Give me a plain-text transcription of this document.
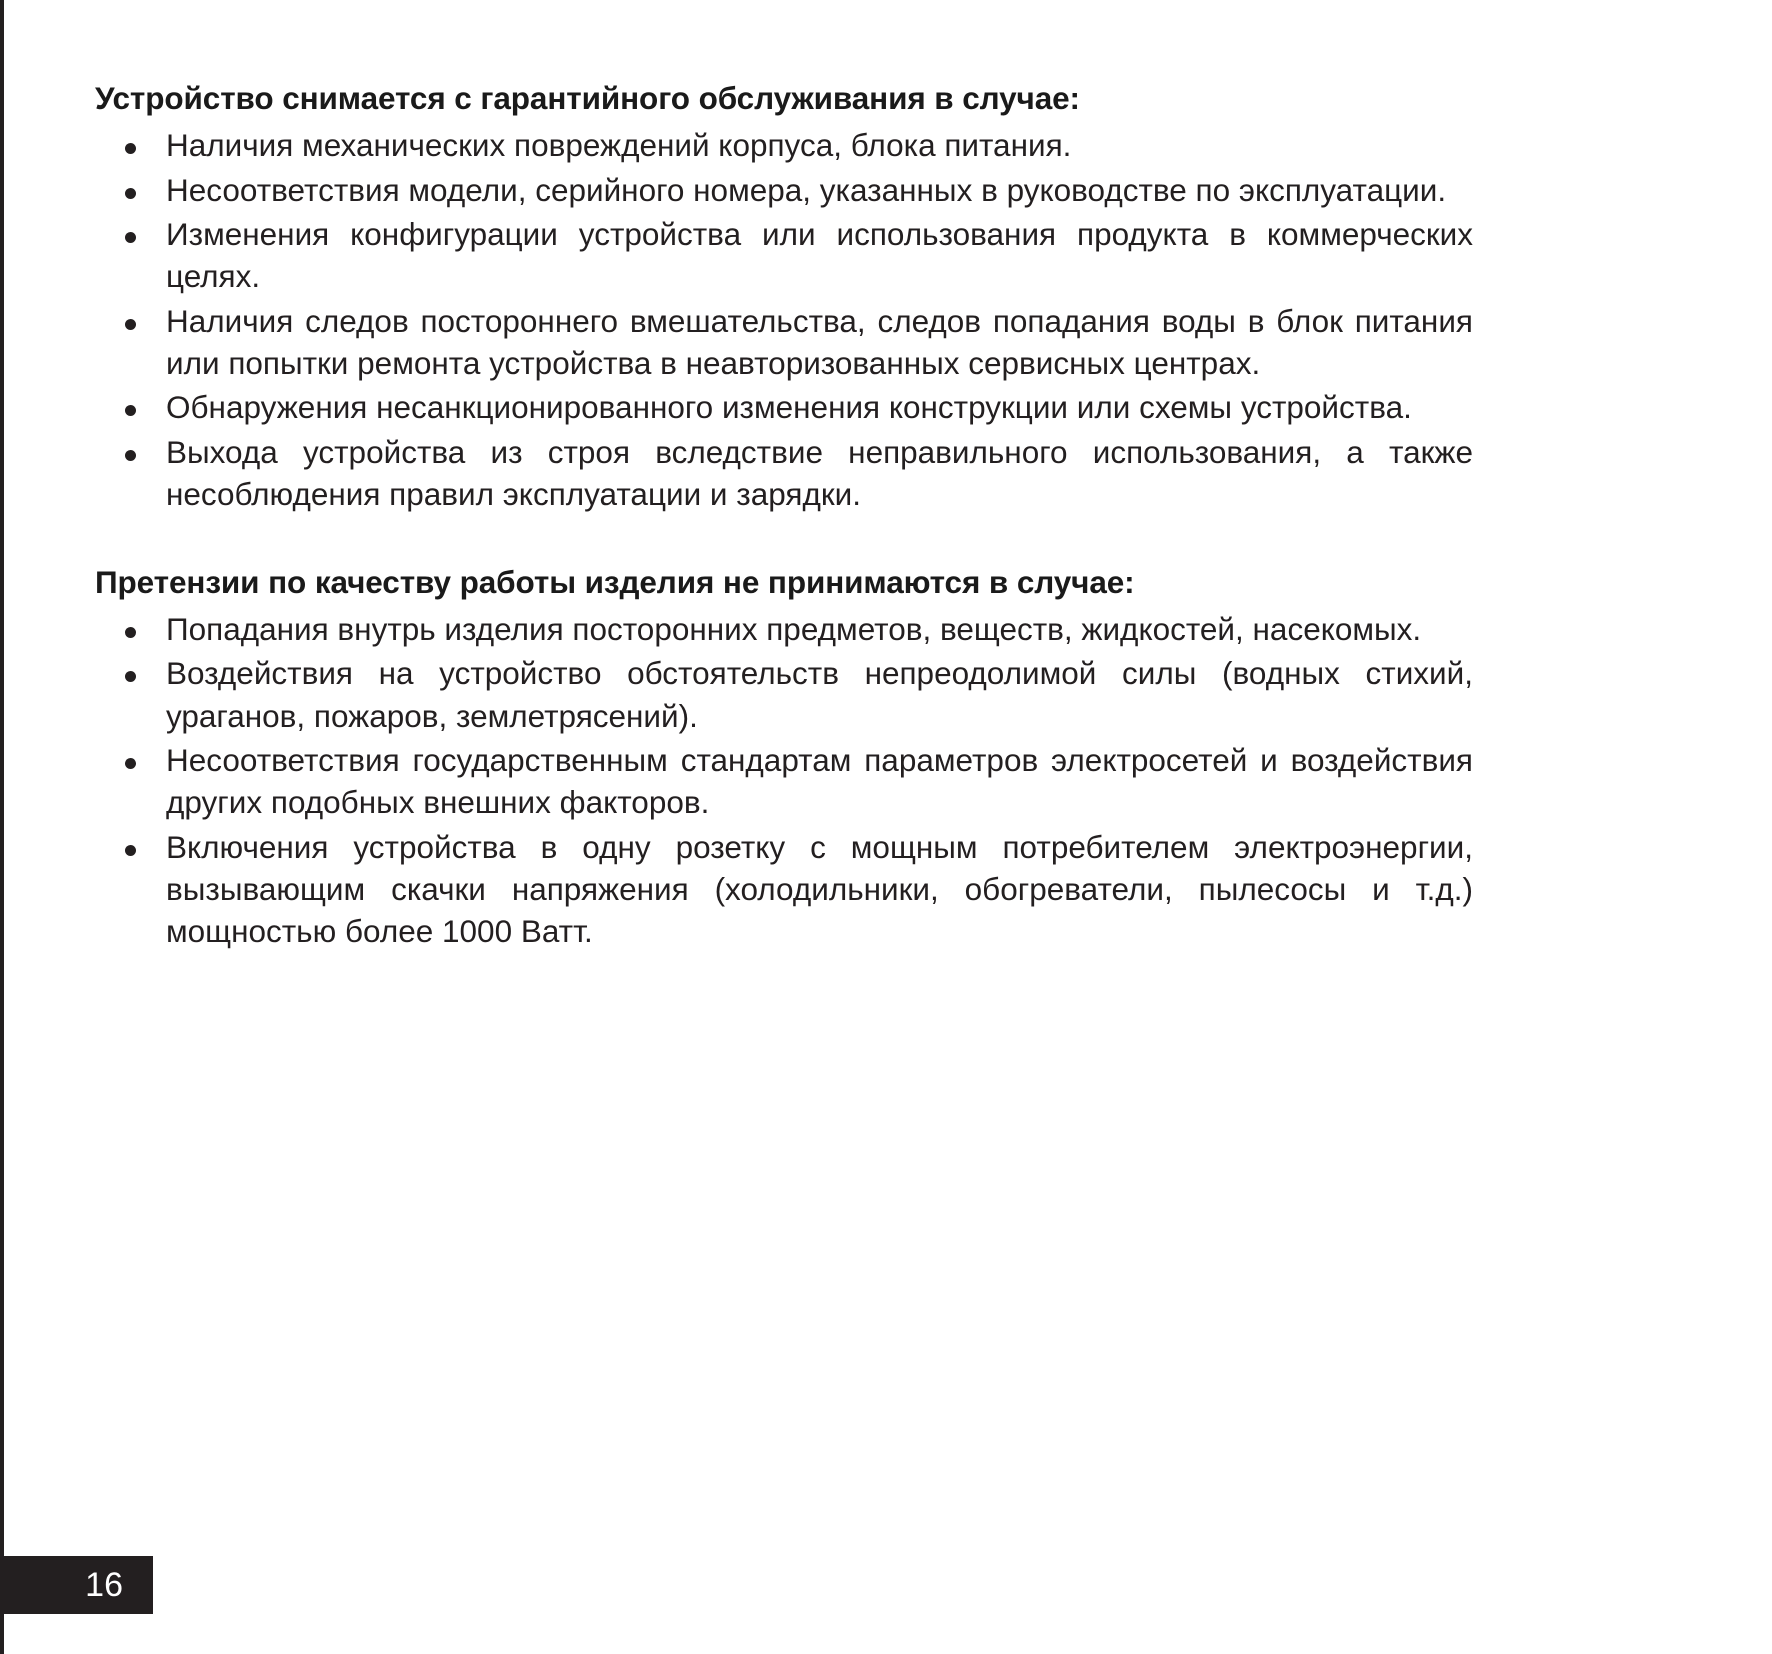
Устройство снимается с гарантийного обслуживания в случае:
Наличия механических повреждений корпуса, блока питания.
Несоответствия модели, серийного номера, указанных в руководстве по эксплуатации.
Изменения конфигурации устройства или использования продукта в коммерческих целях.
Наличия следов постороннего вмешательства, следов попадания воды в блок питания или попытки ремонта устройства в неавторизованных сервисных центрах.
Обнаружения несанкционированного изменения конструкции или схемы устройства.
Выхода устройства из строя вследствие неправильного использования, а также несоблюдения правил эксплуатации и зарядки.
Претензии по качеству работы изделия не принимаются в случае:
Попадания внутрь изделия посторонних предметов, веществ, жидкостей, насекомых.
Воздействия на устройство обстоятельств непреодолимой силы (водных стихий, ураганов, пожаров, землетрясений).
Несоответствия государственным стандартам параметров электросетей и воздействия других подобных внешних факторов.
Включения устройства в одну розетку с мощным потребителем электроэнергии, вызывающим скачки напряжения (холодильники, обогреватели, пылесосы и т.д.) мощностью более 1000 Ватт.
16
